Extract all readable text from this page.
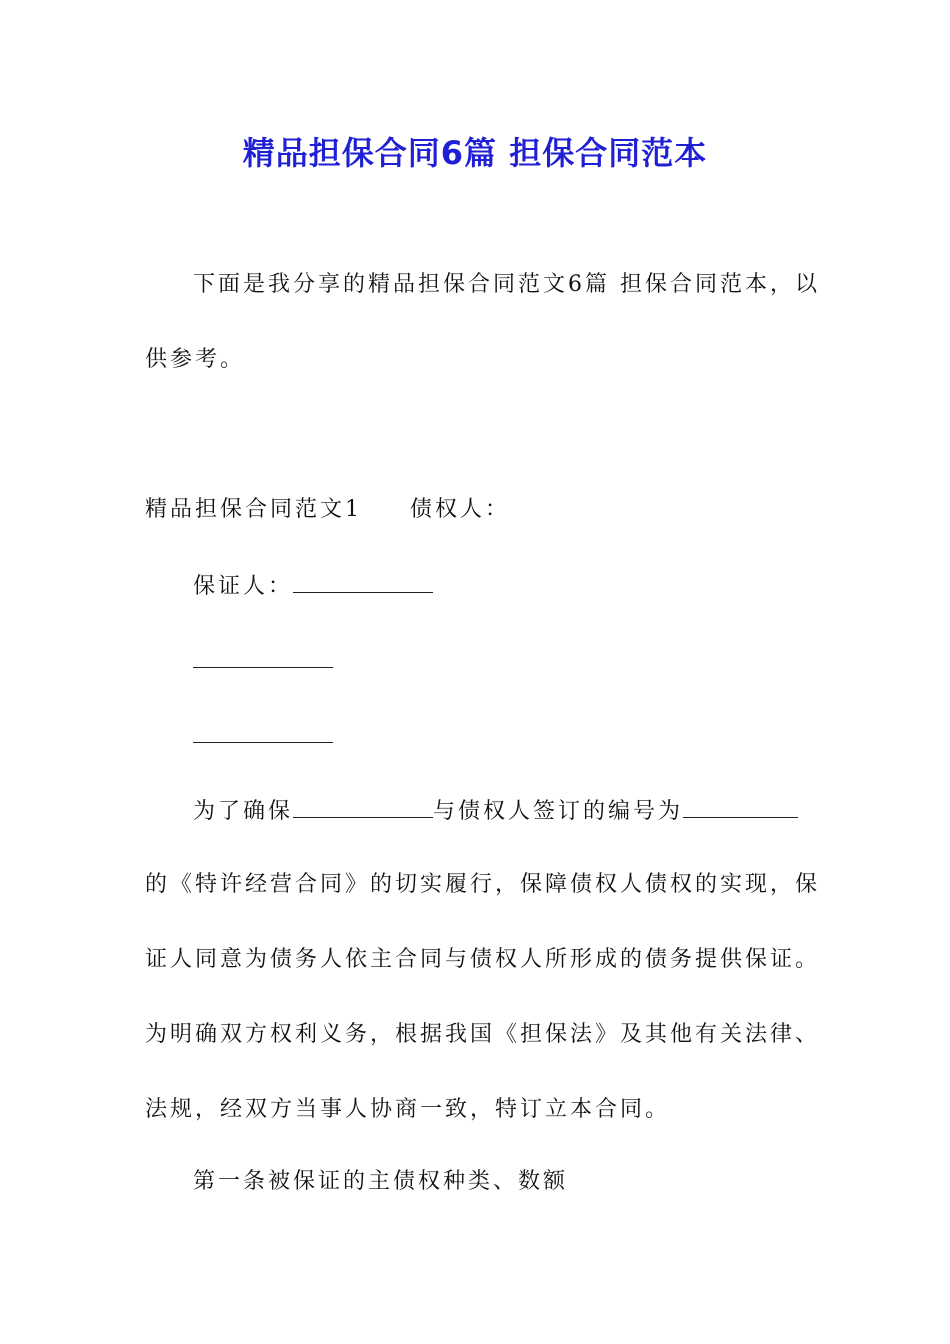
精品担保合同6篇 担保合同范本
下面是我分享的精品担保合同范文6篇 担保合同范本，以
供参考。
精品担保合同范文1 债权人：
保证人：
为了确保	与债权人签订的编号为
的《特许经营合同》的切实履行，保障债权人债权的实现，保
证人同意为债务人依主合同与债权人所形成的债务提供保证。
为明确双方权利义务，根据我国《担保法》及其他有关法律、
法规，经双方当事人协商一致，特订立本合同。
第一条被保证的主债权种类、数额
